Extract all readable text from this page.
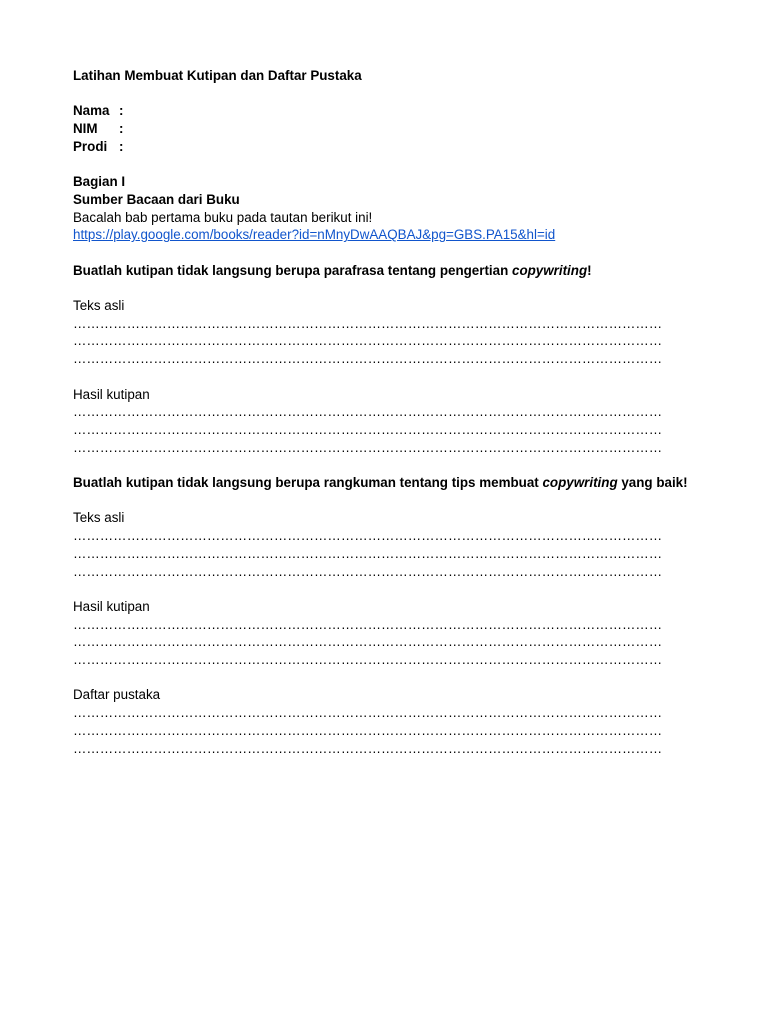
Latihan Membuat Kutipan dan Daftar Pustaka
Nama :
NIM	:
Prodi :
Bagian I
Sumber Bacaan dari Buku
Bacalah bab pertama buku pada tautan berikut ini!
https://play.google.com/books/reader?id=nMnyDwAAQBAJ&pg=GBS.PA15&hl=id
Buatlah kutipan tidak langsung berupa parafrasa tentang pengertian copywriting!
Teks asli
……………………………………………………………………………………………………………………
……………………………………………………………………………………………………………………
……………………………………………………………………………………………………………………
Hasil kutipan
……………………………………………………………………………………………………………………
……………………………………………………………………………………………………………………
……………………………………………………………………………………………………………………
Buatlah kutipan tidak langsung berupa rangkuman tentang tips membuat copywriting yang baik!
Teks asli
……………………………………………………………………………………………………………………
……………………………………………………………………………………………………………………
……………………………………………………………………………………………………………………
Hasil kutipan
……………………………………………………………………………………………………………………
……………………………………………………………………………………………………………………
……………………………………………………………………………………………………………………
Daftar pustaka
……………………………………………………………………………………………………………………
……………………………………………………………………………………………………………………
……………………………………………………………………………………………………………………
